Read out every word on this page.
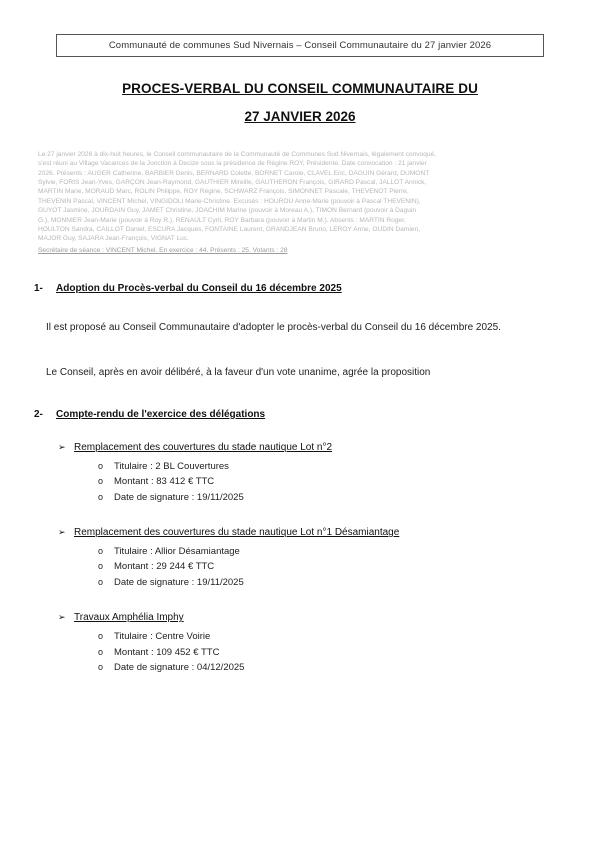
Communauté de communes Sud Nivernais – Conseil Communautaire du 27 janvier 2026
PROCES-VERBAL DU CONSEIL COMMUNAUTAIRE DU
27 JANVIER 2026
Le 27 janvier 2026 à dix-huit heures, le Conseil communautaire de la Communauté de Communes Sud Nivernais, légalement convoqué,
s'est réuni au Village Vacances de la Jonction à Decize sous la présidence de Régine ROY, Présidente. Date convocation : 21 janvier
2026. Présents : AUGER Catherine, BARBIER Denis, BERNARD Colette, BORNET Carole, CLAVEL Eric, DAGUIN Gérard, DUMONT
Sylvie, FORIS Jean-Yves, GARÇON Jean-Raymond, GAUTHIER Mireille, GAUTHERON François, GIRARD Pascal, JALLOT Annick,
MARTIN Marie, MORAUD Marc, ROLIN Philippe, ROY Régine, SCHWARZ François, SIMONNET Pascale, THEVENOT Pierre,
THEVENIN Pascal, VINCENT Michel, VINGIDOLI Marie-Christine. Excusés : HOUROU Anne-Marie (pouvoir à Pascal THEVENIN),
GUYOT Jasmine, JOURDAIN Guy, JAMET Christine, JOACHIM Marine (pouvoir à Moreau A.), TIMON Bernard (pouvoir à Daguin
G.), MONNIER Jean-Marie (pouvoir à Roy R.), RENAULT Cyril, ROY Barbara (pouvoir à Martin M.). Absents : MARTIN Roger,
HOULTON Sandra, CAILLOT Daniel, ESCURA Jacques, FONTAINE Laurent, GRANDJEAN Bruno, LEROY Anne, OUDIN Damien,
MAJOR Guy, SAJARA Jean-François, VIGNAT Luc.
Secrétaire de séance : VINCENT Michel. En exercice : 44. Présents : 25. Votants : 28
1- Adoption du Procès-verbal du Conseil du 16 décembre 2025
Il est proposé au Conseil Communautaire d'adopter le procès-verbal du Conseil du 16 décembre 2025.
Le Conseil, après en avoir délibéré, à la faveur d'un vote unanime, agrée la proposition
2- Compte-rendu de l'exercice des délégations
➢ Remplacement des couvertures du stade nautique Lot n°2
o Titulaire : 2 BL Couvertures
o Montant : 83 412 € TTC
o Date de signature : 19/11/2025
➢ Remplacement des couvertures du stade nautique Lot n°1 Désamiantage
o Titulaire : Allior Désamiantage
o Montant : 29 244 € TTC
o Date de signature : 19/11/2025
➢ Travaux Amphélia Imphy
o Titulaire : Centre Voirie
o Montant : 109 452 € TTC
o Date de signature : 04/12/2025
